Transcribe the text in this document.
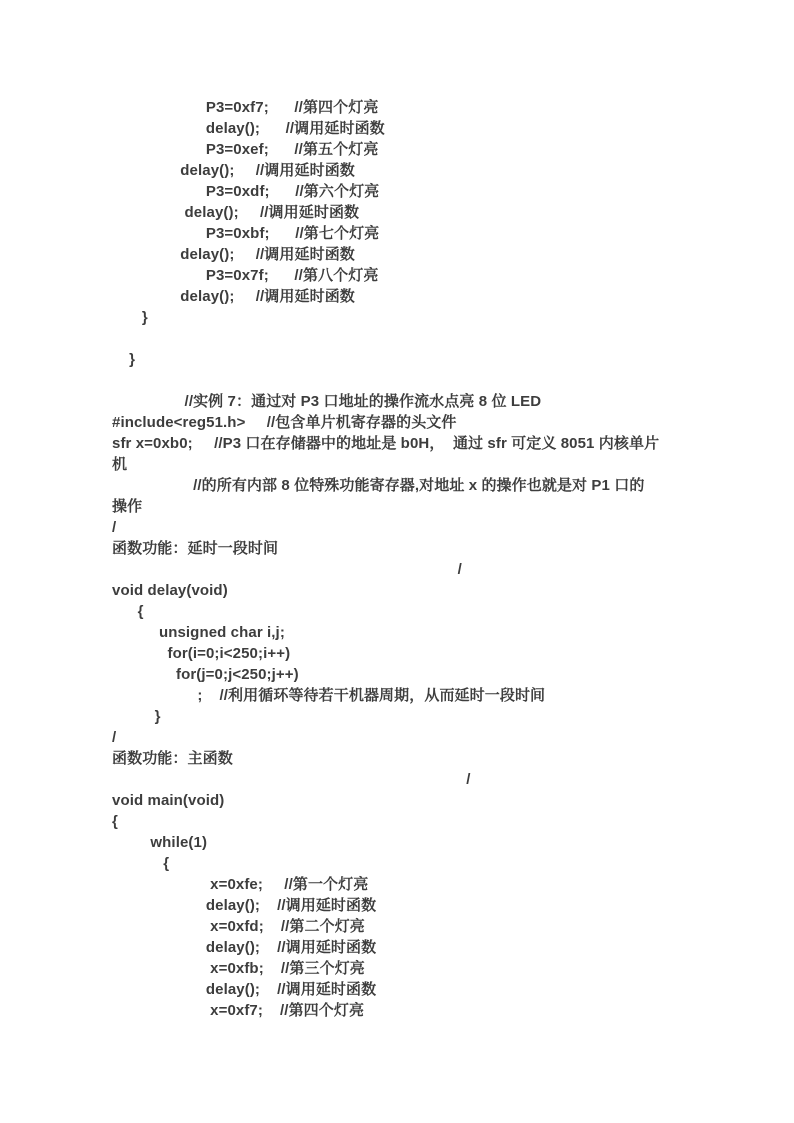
P3=0xf7;      //第四个灯亮
delay();      //调用延时函数
P3=0xef;      //第五个灯亮
delay();     //调用延时函数
P3=0xdf;      //第六个灯亮
delay();     //调用延时函数
P3=0xbf;      //第七个灯亮
delay();     //调用延时函数
P3=0x7f;      //第八个灯亮
delay();     //调用延时函数
}
}
//实例 7：通过对 P3 口地址的操作流水点亮 8 位 LED
#include<reg51.h>     //包含单片机寄存器的头文件
sfr x=0xb0;     //P3 口在存储器中的地址是 b0H，  通过 sfr 可定义 8051 内核单片
机
//的所有内部 8 位特殊功能寄存器,对地址 x 的操作也就是对 P1 口的
操作
/
函数功能：延时一段时间
/
void delay(void)
{
unsigned char i,j;
for(i=0;i<250;i++)
for(j=0;j<250;j++)
;    //利用循环等待若干机器周期，从而延时一段时间
}
/
函数功能：主函数
/
void main(void)
{
while(1)
{
x=0xfe;     //第一个灯亮
delay();    //调用延时函数
x=0xfd;    //第二个灯亮
delay();    //调用延时函数
x=0xfb;    //第三个灯亮
delay();    //调用延时函数
x=0xf7;    //第四个灯亮
